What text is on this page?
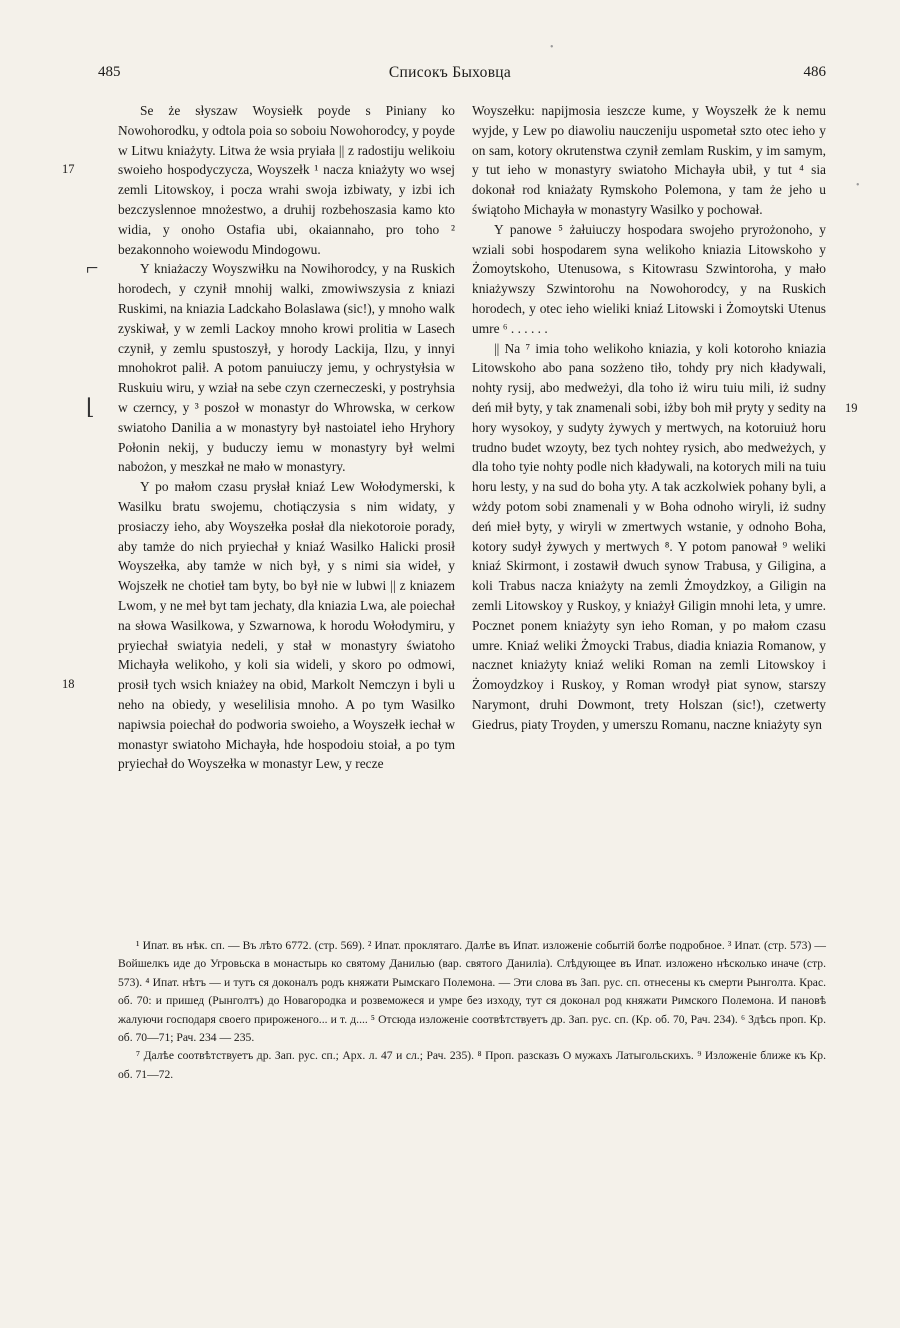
485	Списокъ Быховца	486
17
18
19
⌐
⌊
•
•

Se że słyszaw Woysiełk poyde s Piniany ko Nowohorodku, y odtola poia so soboiu Nowohorodcy, y poyde w Litwu kniażyty. Litwa że wsia pryiała || z radostiju welikoiu swoieho hospodyczycza, Woyszełk ¹ nacza kniażyty wo wsej zemli Litowskoy, i pocza wrahi swoja izbiwaty, y izbi ich bezczyslennoe mnożestwo, a druhij rozbehoszasia kamo kto widia, y onoho Ostafia ubi, okaiannaho, pro toho ² bezakonnoho woiewodu Mindogowu.

Y kniażaczy Woyszwiłku na Nowihorodcy, y na Ruskich horodech, y czynił mnohij walki, zmowiwszysia z kniazi Ruskimi, na kniazia Ladckaho Bolaslawa (sic!), y mnoho walk zyskiwał, y w zemli Lackoy mnoho krowi prolitia w Lasech czynił, y zemlu spustoszył, y horody Lackija, Ilzu, y innyi mnohokrot palił. A potom panuiuczy jemu, y ochrystyłsia w Ruskuiu wiru, y wział na sebe czyn czerneczeski, y postryhsia w czerncy, y ³ poszoł w monastyr do Whrowska, w cerkow swiatoho Danilia a w monastyry był nastoiatel ieho Hryhory Połonin nekij, y buduczy iemu w monastyry był welmi nabożon, y meszkał ne mało w monastyry.

Y po małom czasu prysłał kniaź Lew Wołodymerski, k Wasilku bratu swojemu, chotiączysia s nim widaty, y prosiaczy ieho, aby Woyszełka posłał dla niekotoroie porady, aby tamże do nich pryiechał y kniaź Wasilko Halicki prosił Woyszełka, aby tamże w nich był, y s nimi sia wideł, y Wojszełk ne chotieł tam byty, bo był nie w lubwi || z kniazem Lwom, y ne meł byt tam jechaty, dla kniazia Lwa, ale poiechał na słowa Wasilkowa, y Szwarnowa, k horodu Wołodymiru, y pryiechał swiatyia nedeli, y stał w monastyry światoho Michayła welikoho, y koli sia wideli, y skoro po odmowi, prosił tych wsich kniażey na obid, Markolt Nemczyn i byli u neho na obiedy, y weselilisia mnoho. A po tym Wasilko napiwsia poiechał do podworia swoieho, a Woyszełk iechał w monastyr swiatoho Michayła, hde hospodoiu stoiał, a po tym pryiechał do Woyszełka w monastyr Lew, y recze

Woyszełku: napijmosia ieszcze kume, y Woyszełk że k nemu wyjde, y Lew po diawoliu nauczeniju uspometał szto otec ieho y on sam, kotory okrutenstwa czynił zemlam Ruskim, y im samym, y tut ieho w monastyry swiatoho Michayła ubił, y tut ⁴ sia dokonał rod kniażaty Rymskoho Polemona, y tam że jeho u świątoho Michayła w monastyry Wasilko y pochował.

Y panowe ⁵ żałuiuczy hospodara swojeho pryrożonoho, y wziali sobi hospodarem syna welikoho kniazia Litowskoho y Żomoytskoho, Utenusowa, s Kitowrasu Szwintoroha, y mało kniażywszy Szwintorohu na Nowohorodcy, y na Ruskich horodech, y otec ieho wieliki kniaź Litowski i Żomoytski Utenus umre ⁶ . . . . . .

|| Na ⁷ imia toho welikoho kniazia, y koli kotoroho kniazia Litowskoho abo pana sozżeno tiło, tohdy pry nich kładywali, nohty rysij, abo medweżyi, dla toho iż wiru tuiu mili, iż sudny deń mił byty, y tak znamenali sobi, iżby boh mił pryty y sedity na hory wysokoy, y sudyty żywych y mertwych, na kotoruiuż horu trudno budet wzoyty, bez tych nohtey rysich, abo medweżych, y dla toho tyie nohty podle nich kładywali, na kotorych mili na tuiu horu lesty, y na sud do boha yty. A tak aczkolwiek pohany byli, a wżdy potom sobi znamenali y w Boha odnoho wiryli, iż sudny deń mieł byty, y wiryli w zmertwych wstanie, y odnoho Boha, kotory sudył żywych y mertwych ⁸. Y potom panował ⁹ weliki kniaź Skirmont, i zostawił dwuch synow Trabusa, y Giligina, a koli Trabus nacza kniażyty na zemli Żmoydzkoy, a Giligin na zemli Litowskoy y Ruskoy, y kniażył Giligin mnohi leta, y umre. Pocznet ponem kniażyty syn ieho Roman, y po małom czasu umre. Kniaź weliki Żmoycki Trabus, diadia kniazia Romanow, y nacznet kniażyty kniaź weliki Roman na zemli Litowskoy i Żomoydzkoy i Ruskoy, y Roman wrodył piat synow, starszy Narymont, druhi Dowmont, trety Holszan (sic!), czetwerty Giedrus, piaty Troyden, y umerszu Romanu, naczne kniażyty syn

¹ Ипат. въ нѣк. сп. — Въ лѣто 6772. (стр. 569). ² Ипат. проклятаго. Далѣе въ Ипат. изложеніе событій болѣе подробное. ³ Ипат. (стр. 573) — Войшелкъ иде до Угровьска в монастырь ко святому Данилью (вар. святого Даниліа). Слѣдующее въ Ипат. изложено нѣсколько иначе (стр. 573). ⁴ Ипат. нѣтъ — и тутъ ся доконалъ родъ княжати Рымскаго Полемона. — Эти слова въ Зап. рус. сп. отнесены къ смерти Рынголта. Крас. об. 70: и пришед (Рынголтъ) до Новагородка и розвеможеся и умре без изходу, тут ся доконал род княжати Римского Полемона. И пановѣ жалуючи господаря своего прироженого... и т. д.... ⁵ Отсюда изложеніе соотвѣтствуетъ др. Зап. рус. сп. (Кр. об. 70, Рач. 234). ⁶ Здѣсь проп. Кр. об. 70—71; Рач. 234 — 235.

⁷ Далѣе соотвѣтствуетъ др. Зап. рус. сп.; Арх. л. 47 и сл.; Рач. 235). ⁸ Проп. разсказъ О мужахъ Латыгольскихъ. ⁹ Изложеніе ближе къ Кр. об. 71—72.
